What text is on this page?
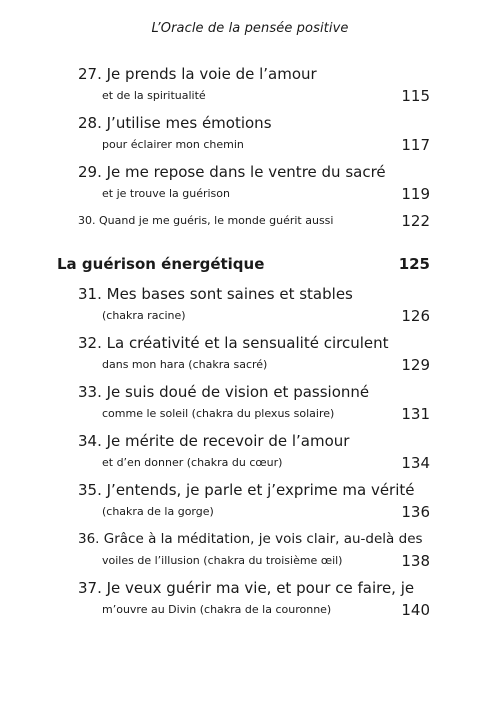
L’Oracle de la pensée positive
27. Je prends la voie de l’amour
et de la spiritualité	115
28. J’utilise mes émotions
pour éclairer mon chemin	117
29. Je me repose dans le ventre du sacré
et je trouve la guérison	119
30. Quand je me guéris, le monde guérit aussi	122
La guérison énergétique	125
31. Mes bases sont saines et stables
(chakra racine)	126
32. La créativité et la sensualité circulent
dans mon hara (chakra sacré)	129
33. Je suis doué de vision et passionné
comme le soleil (chakra du plexus solaire)	131
34. Je mérite de recevoir de l’amour
et d’en donner (chakra du cœur)	134
35. J’entends, je parle et j’exprime ma vérité
(chakra de la gorge)	136
36. Grâce à la méditation, je vois clair, au-delà des
voiles de l’illusion (chakra du troisième œil)	138
37. Je veux guérir ma vie, et pour ce faire, je
m’ouvre au Divin (chakra de la couronne)	140
